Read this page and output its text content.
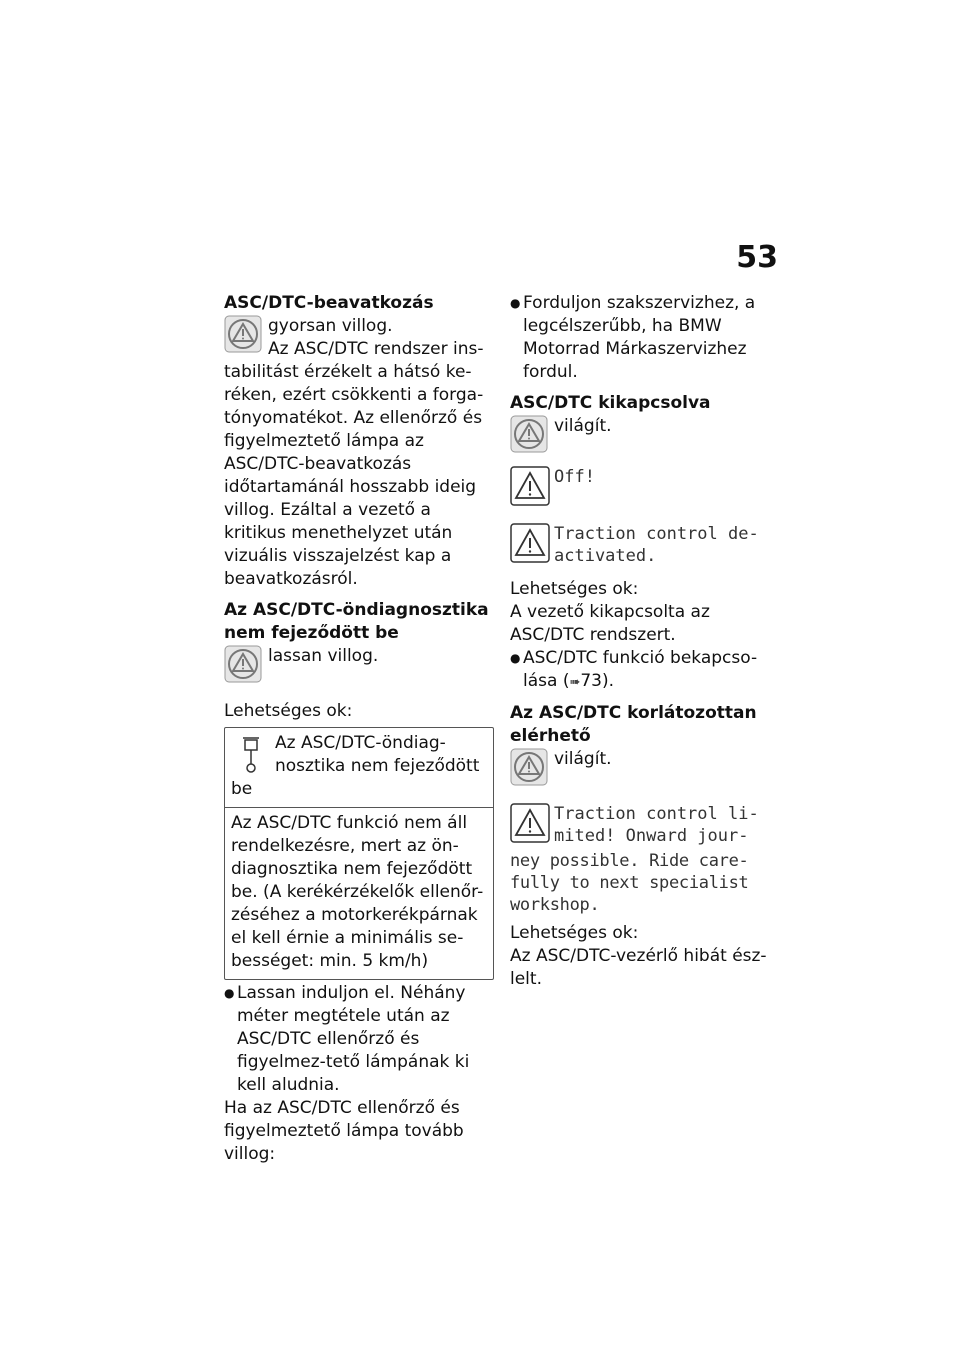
53

ASC/DTC-beavatkozás

gyorsan villog.

Az ASC/DTC rendszer ins-

tabilitást érzékelt a hátsó ke-réken, ezért csökkenti a forga-tónyomatékot. Az ellenőrző és figyelmeztető lámpa az ASC/DTC-beavatkozás időtartamánál hosszabb ideig villog. Ezáltal a vezető a kritikus menethelyzet után vizuális visszajelzést kap a beavatkozásról.

Az ASC/DTC-öndiagnosztika nem fejeződött be

lassan villog.

Lehetséges ok:

Az ASC/DTC-öndiag-nosztika nem fejeződött be
Az ASC/DTC funkció nem áll rendelkezésre, mert az ön-diagnosztika nem fejeződött be. (A kerékérzékelők ellenőr-zéséhez a motorkerékpárnak el kell érnie a minimális se-bességet: min. 5 km/h)
● Lassan induljon el. Néhány méter megtétele után az ASC/DTC ellenőrző és figyelmez-tető lámpának ki kell aludnia.

Ha az ASC/DTC ellenőrző és figyelmeztető lámpa tovább villog:

● Forduljon szakszervizhez, a legcélszerűbb, ha BMW Motorrad Márkaszervizhez fordul.

ASC/DTC kikapcsolva

világít.

Off!

Traction control de-

activated.

Lehetséges ok:

A vezető kikapcsolta az ASC/DTC rendszert.

● ASC/DTC funkció bekapcso-lása (➠73).

Az ASC/DTC korlátozottan elérhető

világít.

Traction control li-

mited! Onward jour-

ney possible. Ride care-fully to next specialist workshop.

Lehetséges ok:

Az ASC/DTC-vezérlő hibát ész-lelt.
